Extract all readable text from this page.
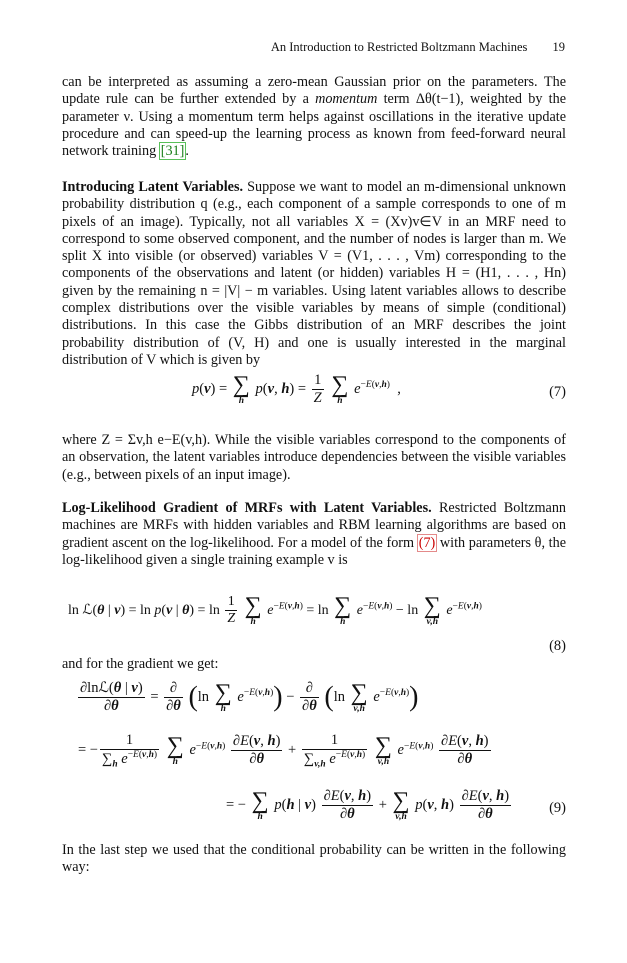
An Introduction to Restricted Boltzmann Machines 19
can be interpreted as assuming a zero-mean Gaussian prior on the parameters. The update rule can be further extended by a momentum term Δθ(t−1), weighted by the parameter ν. Using a momentum term helps against oscillations in the iterative update procedure and can speed-up the learning process as known from feed-forward neural network training [31].
Introducing Latent Variables. Suppose we want to model an m-dimensional unknown probability distribution q (e.g., each component of a sample corresponds to one of m pixels of an image). Typically, not all variables X = (Xv)v∈V in an MRF need to correspond to some observed component, and the number of nodes is larger than m. We split X into visible (or observed) variables V = (V1, . . . , Vm) corresponding to the components of the observations and latent (or hidden) variables H = (H1, . . . , Hn) given by the remaining n = |V| − m variables. Using latent variables allows to describe complex distributions over the visible variables by means of simple (conditional) distributions. In this case the Gibbs distribution of an MRF describes the joint probability distribution of (V, H) and one is usually interested in the marginal distribution of V which is given by
p(v) = ∑
h
p(v, $h) = \frac{1}{Z}$
∑
h
$e^{-E(v,h)}$  ,	(7)
where Z = Σv,h e−E(v,h). While the visible variables correspond to the components of an observation, the latent variables introduce dependencies between the visible variables (e.g., between pixels of an input image).
Log-Likelihood Gradient of MRFs with Latent Variables. Restricted Boltzmann machines are MRFs with hidden variables and RBM learning algorithms are based on gradient ascent on the log-likelihood. For a model of the form (7) with parameters θ, the log-likelihood given a single training example v is
ln ℒ(θ | v) = ln p(v | $\theta) = \ln \frac{1}{Z}$
∑
h
$e^{-E(v,h)} = \ln$ ∑
h
$e^{-E(v,h)} - \ln$ ∑
v,h
$e^{-E(v,h)}$
(8)
and for the gradient we get:
$\frac{\text{∂lnℒ(θ | v)}}{\partial\theta} = \frac{\partial}{\partial\theta} (\ln$ ∑
h
$e^{-E(v,h)}) - \frac{\partial}{\partial\theta} (\ln$ ∑
v,h
$e^{-E(v,h)}$)
= − $\frac{1}{\sum_h e^{-E(v,h)}}$
∑
h
$e^{-E(v,h)} \frac{\partial E(v, h)}{\partial\theta} + \frac{1}{\sum_{v,h} e^{-E(v,h)}}$
∑
v,h
$e^{-E(v,h)} \frac{\partial E(v, h)}{\partial\theta}$
= − ∑
h
p(h | $v) \frac{\partial E(v, h)}{\partial\theta}$ + ∑
v,h
p(v, $h) \frac{\partial E(v, h)}{\partial\theta}$	(9)
In the last step we used that the conditional probability can be written in the following way:
